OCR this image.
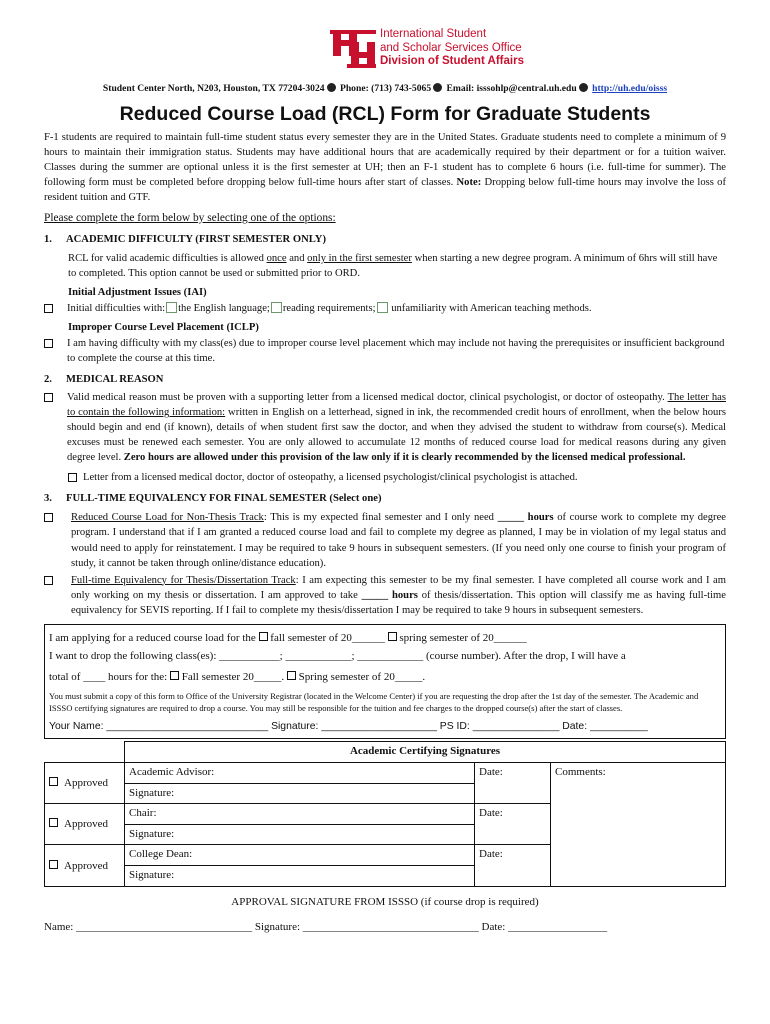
International Student
and Scholar Services Office
Division of Student Affairs
Student Center North, N203, Houston, TX 77204-3024 Phone: (713) 743-5065 Email: isssohlp@central.uh.edu http://uh.edu/oisss
Reduced Course Load (RCL) Form for Graduate Students

F-1 students are required to maintain full-time student status every semester they are in the United States. Graduate students need to complete a minimum of 9 hours to maintain their immigration status. Students may have additional hours that are academically required by their department or for a tuition waiver. Classes during the summer are optional unless it is the first semester at UH; then an F-1 student has to complete 6 hours (i.e. full-time for summer). The following form must be completed before dropping below full-time hours after start of classes. Note: Dropping below full-time hours may involve the loss of resident tuition and GTF.

Please complete the form below by selecting one of the options:

1.	ACADEMIC DIFFICULTY (FIRST SEMESTER ONLY)

RCL for valid academic difficulties is allowed once and only in the first semester when starting a new degree program. A minimum of 6hrs will still have to completed. This option cannot be used or submitted prior to ORD.

Initial Adjustment Issues (IAI)
Initial difficulties with: the English language; reading requirements; unfamiliarity with American teaching methods.
Improper Course Level Placement (ICLP)
I am having difficulty with my class(es) due to improper course level placement which may include not having the prerequisites or insufficient background to complete the course at this time.
2.	MEDICAL REASON
Valid medical reason must be proven with a supporting letter from a licensed medical doctor, clinical psychologist, or doctor of osteopathy. The letter has to contain the following information: written in English on a letterhead, signed in ink, the recommended credit hours of enrollment, when the below hours should begin and end (if known), details of when student first saw the doctor, and when they advised the student to withdraw from course(s). Medical excuses must be renewed each semester. You are only allowed to accumulate 12 months of reduced course load for medical reasons during any given degree level. Zero hours are allowed under this provision of the law only if it is clearly recommended by the licensed medical professional.
Letter from a licensed medical doctor, doctor of osteopathy, a licensed psychologist/clinical psychologist is attached.
3.	FULL-TIME EQUIVALENCY FOR FINAL SEMESTER (Select one)
Reduced Course Load for Non-Thesis Track: This is my expected final semester and I only need _____ hours of course work to complete my degree program. I understand that if I am granted a reduced course load and fail to complete my degree as planned, I may be in violation of my legal status and would need to apply for reinstatement. I may be required to take 9 hours in subsequent semesters. (If you need only one course to finish your program of study, it cannot be taken through online/distance education).
Full-time Equivalency for Thesis/Dissertation Track: I am expecting this semester to be my final semester. I have completed all course work and I am only working on my thesis or dissertation. I am approved to take _____ hours of thesis/dissertation. This option will classify me as having full-time equivalency for SEVIS reporting. If I fail to complete my thesis/dissertation I may be required to take 9 hours in subsequent semesters.
I am applying for a reduced course load for the  fall semester of 20______  spring semester of 20______
I want to drop the following class(es): ___________; ____________; ____________ (course number). After the drop, I will have a
total of ____ hours for the:  Fall semester 20_____.  Spring semester of 20_____.
You must submit a copy of this form to Office of the University Registrar (located in the Welcome Center) if you are requesting the drop after the 1st day of the semester. The Academic and ISSSO certifying signatures are required to drop a course. You may still be responsible for the tuition and fee charges to the dropped course(s) after the start of classes.
Your Name: ____________________________ Signature: ____________________ PS ID: _______________ Date: __________
	Academic Certifying Signatures		
Approved	Academic Advisor:	Date:	Comments:
	Signature:		
Approved	Chair:	Date:	
	Signature:		
Approved	College Dean:	Date:	
	Signature:		
APPROVAL SIGNATURE FROM ISSSO (if course drop is required)
Name: ________________________________ Signature: ________________________________ Date: __________________
